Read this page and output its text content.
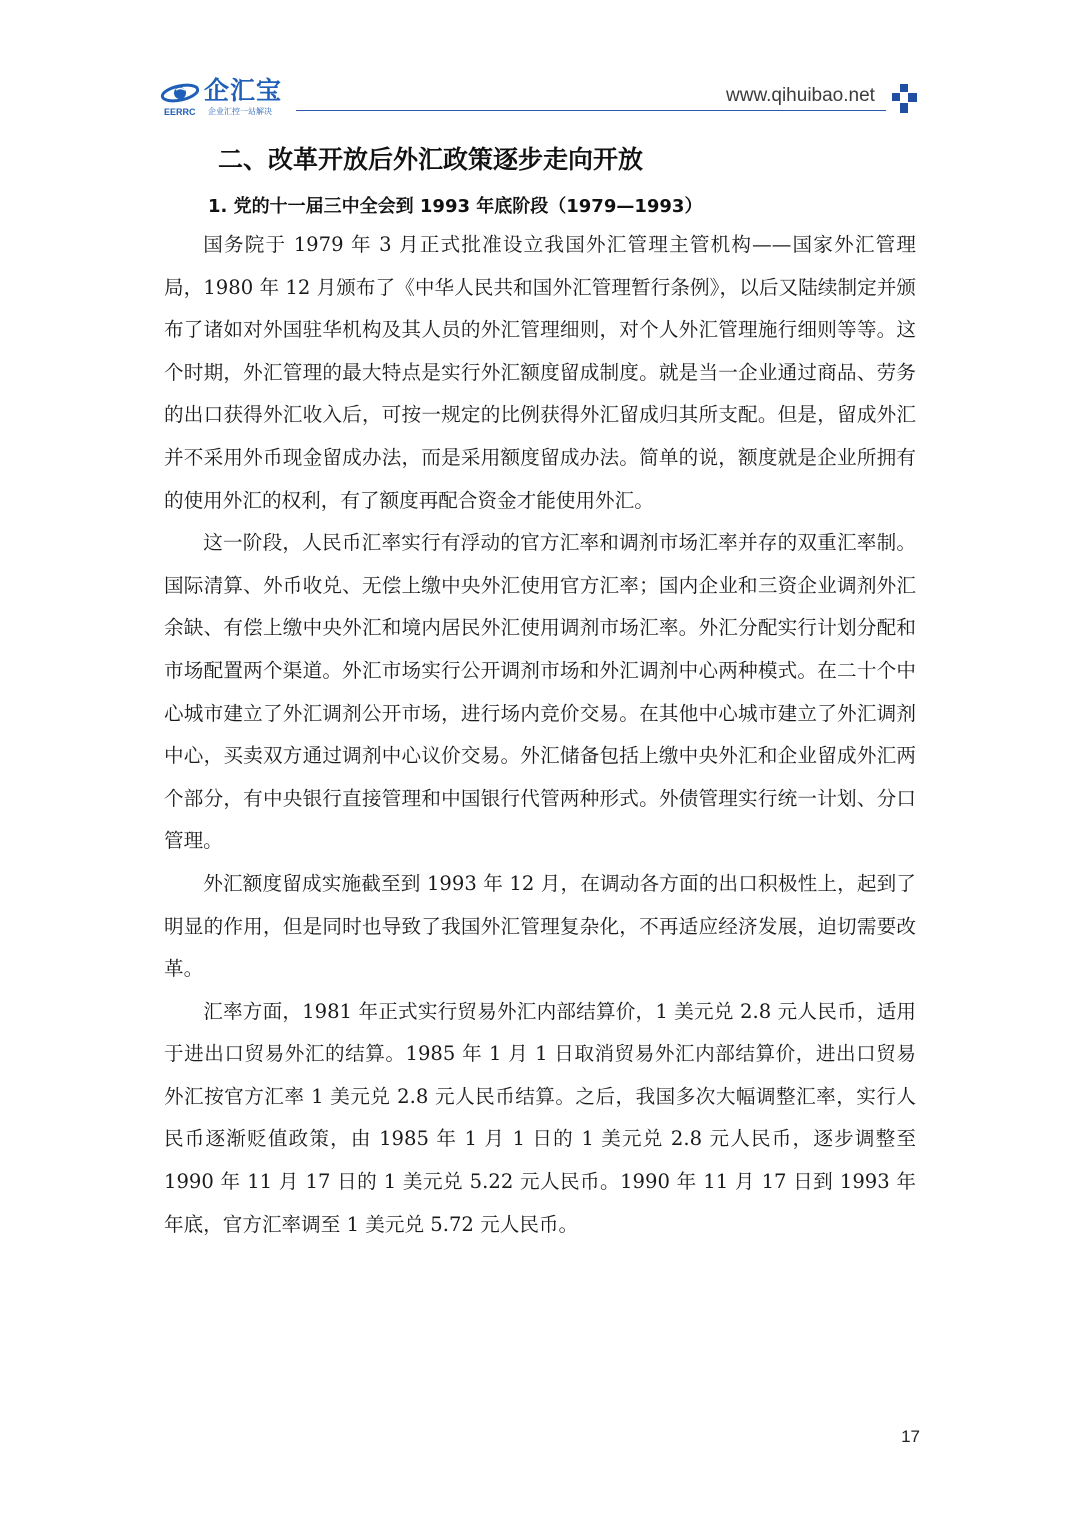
企汇宝
EERRC 企业汇控一站解决
www.qihuibao.net
二、改革开放后外汇政策逐步走向开放
1. 党的十一届三中全会到 1993 年底阶段（1979—1993）

国务院于 1979 年 3 月正式批准设立我国外汇管理主管机构——国家外汇管理局，1980 年 12 月颁布了《中华人民共和国外汇管理暂行条例》，以后又陆续制定并颁布了诸如对外国驻华机构及其人员的外汇管理细则，对个人外汇管理施行细则等等。这个时期，外汇管理的最大特点是实行外汇额度留成制度。就是当一企业通过商品、劳务的出口获得外汇收入后，可按一规定的比例获得外汇留成归其所支配。但是，留成外汇并不采用外币现金留成办法，而是采用额度留成办法。简单的说，额度就是企业所拥有的使用外汇的权利，有了额度再配合资金才能使用外汇。

这一阶段，人民币汇率实行有浮动的官方汇率和调剂市场汇率并存的双重汇率制。国际清算、外币收兑、无偿上缴中央外汇使用官方汇率；国内企业和三资企业调剂外汇余缺、有偿上缴中央外汇和境内居民外汇使用调剂市场汇率。外汇分配实行计划分配和市场配置两个渠道。外汇市场实行公开调剂市场和外汇调剂中心两种模式。在二十个中心城市建立了外汇调剂公开市场，进行场内竞价交易。在其他中心城市建立了外汇调剂中心，买卖双方通过调剂中心议价交易。外汇储备包括上缴中央外汇和企业留成外汇两个部分，有中央银行直接管理和中国银行代管两种形式。外债管理实行统一计划、分口管理。

外汇额度留成实施截至到 1993 年 12 月，在调动各方面的出口积极性上，起到了明显的作用，但是同时也导致了我国外汇管理复杂化，不再适应经济发展，迫切需要改革。

汇率方面，1981 年正式实行贸易外汇内部结算价，1 美元兑 2.8 元人民币，适用于进出口贸易外汇的结算。1985 年 1 月 1 日取消贸易外汇内部结算价，进出口贸易外汇按官方汇率 1 美元兑 2.8 元人民币结算。之后，我国多次大幅调整汇率，实行人民币逐渐贬值政策，由 1985 年 1 月 1 日的 1 美元兑 2.8 元人民币，逐步调整至 1990 年 11 月 17 日的 1 美元兑 5.22 元人民币。1990 年 11 月 17 日到 1993 年年底，官方汇率调至 1 美元兑 5.72 元人民币。

17
